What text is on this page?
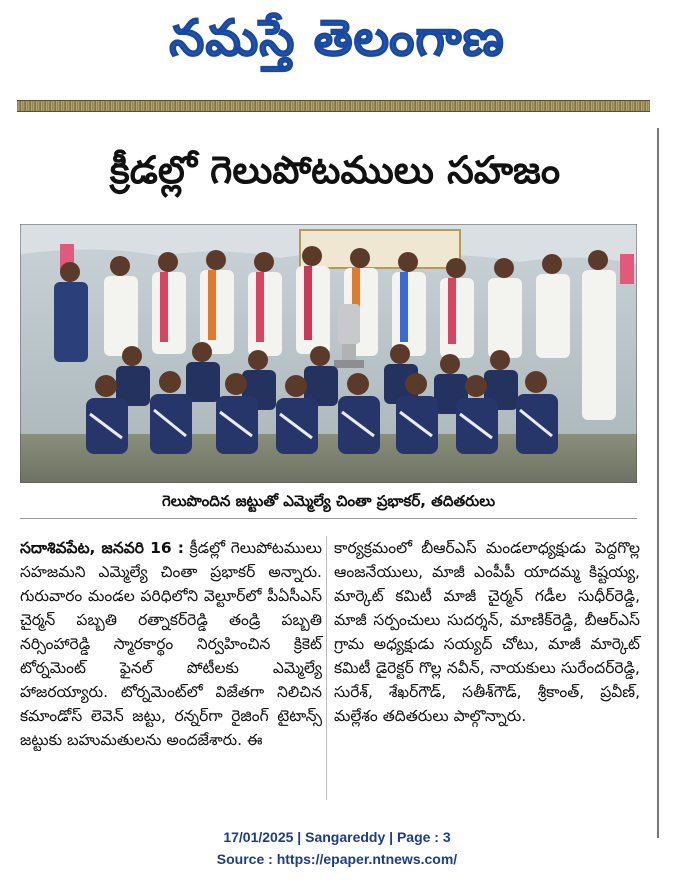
నమస్తే తెలంగాణ
క్రీడల్లో గెలుపోటములు సహజం
గెలుపొందిన జట్టుతో ఎమ్మెల్యే చింతా ప్రభాకర్, తదితరులు
సదాశివపేట, జనవరి 16 : క్రీడల్లో గెలుపోటములు సహజమని ఎమ్మెల్యే చింతా ప్రభాకర్ అన్నారు. గురువారం మండల పరిధిలోని వెల్టూర్‌లో పీఏసీఎస్ చైర్మన్ పబ్బతి రత్నాకర్‌రెడ్డి తండ్రి పబ్బతి నర్సింహారెడ్డి స్మారకార్థం నిర్వహించిన క్రికెట్ టోర్నమెంట్ ఫైనల్ పోటీలకు ఎమ్మెల్యే హాజరయ్యారు. టోర్నమెంట్‌లో విజేతగా నిలిచిన కమాండోస్ లెవెన్ జట్టు, రన్నర్‌గా రైజింగ్ టైటాన్స్ జట్టుకు బహుమతులను అందజేశారు. ఈ
కార్యక్రమంలో బీఆర్‌ఎస్ మండలాధ్యక్షుడు పెద్దగొల్ల ఆంజనేయులు, మాజీ ఎంపీపీ యాదమ్మ కిష్టయ్య, మార్కెట్ కమిటీ మాజీ చైర్మన్ గడీల సుధీర్‌రెడ్డి, మాజీ సర్పంచులు సుదర్శన్, మాణిక్‌రెడ్డి, బీఆర్‌ఎస్ గ్రామ అధ్యక్షుడు సయ్యద్ చోటు, మాజీ మార్కెట్ కమిటీ డైరెక్టర్ గొల్ల నవీన్, నాయకులు సురేందర్‌రెడ్డి, సురేశ్, శేఖర్‌గౌడ్, సతీశ్‌గౌడ్, శ్రీకాంత్, ప్రవీణ్, మల్లేశం తదితరులు పాల్గొన్నారు.
17/01/2025 | Sangareddy | Page : 3
Source : https://epaper.ntnews.com/
